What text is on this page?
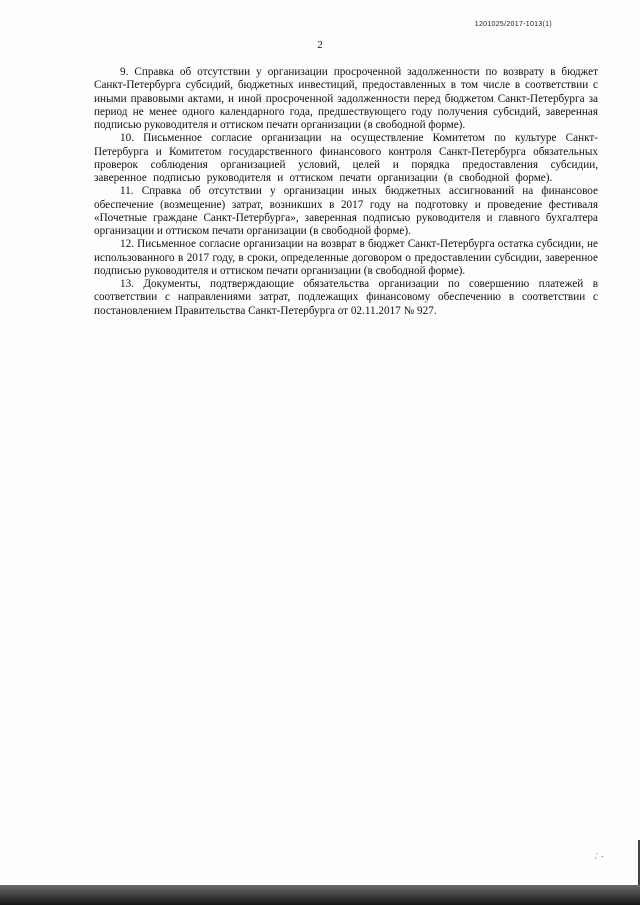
1201025/2017-1013(1)
2

9. Справка об отсутствии у организации просроченной задолженности по возврату в бюджет Санкт-Петербурга субсидий, бюджетных инвестиций, предоставленных в том числе в соответствии с иными правовыми актами, и иной просроченной задолженности перед бюджетом Санкт-Петербурга за период не менее одного календарного года, предшествующего году получения субсидий, заверенная подписью руководителя и оттиском печати организации (в свободной форме).

10. Письменное согласие организации на осуществление Комитетом по культуре Санкт-Петербурга и Комитетом государственного финансового контроля Санкт-Петербурга обязательных проверок соблюдения организацией условий, целей и порядка предоставления субсидии, заверенное подписью руководителя и оттиском печати организации (в свободной форме).

11. Справка об отсутствии у организации иных бюджетных ассигнований на финансовое обеспечение (возмещение) затрат, возникших в 2017 году на подготовку и проведение фестиваля «Почетные граждане Санкт-Петербурга», заверенная подписью руководителя и главного бухгалтера организации и оттиском печати организации (в свободной форме).

12. Письменное согласие организации на возврат в бюджет Санкт-Петербурга остатка субсидии, не использованного в 2017 году, в сроки, определенные договором о предоставлении субсидии, заверенное подписью руководителя и оттиском печати организации (в свободной форме).

13. Документы, подтверждающие обязательства организации по совершению платежей в соответствии с направлениями затрат, подлежащих финансовому обеспечению в соответствии с постановлением Правительства Санкт-Петербурга от 02.11.2017 № 927.

·˙.
